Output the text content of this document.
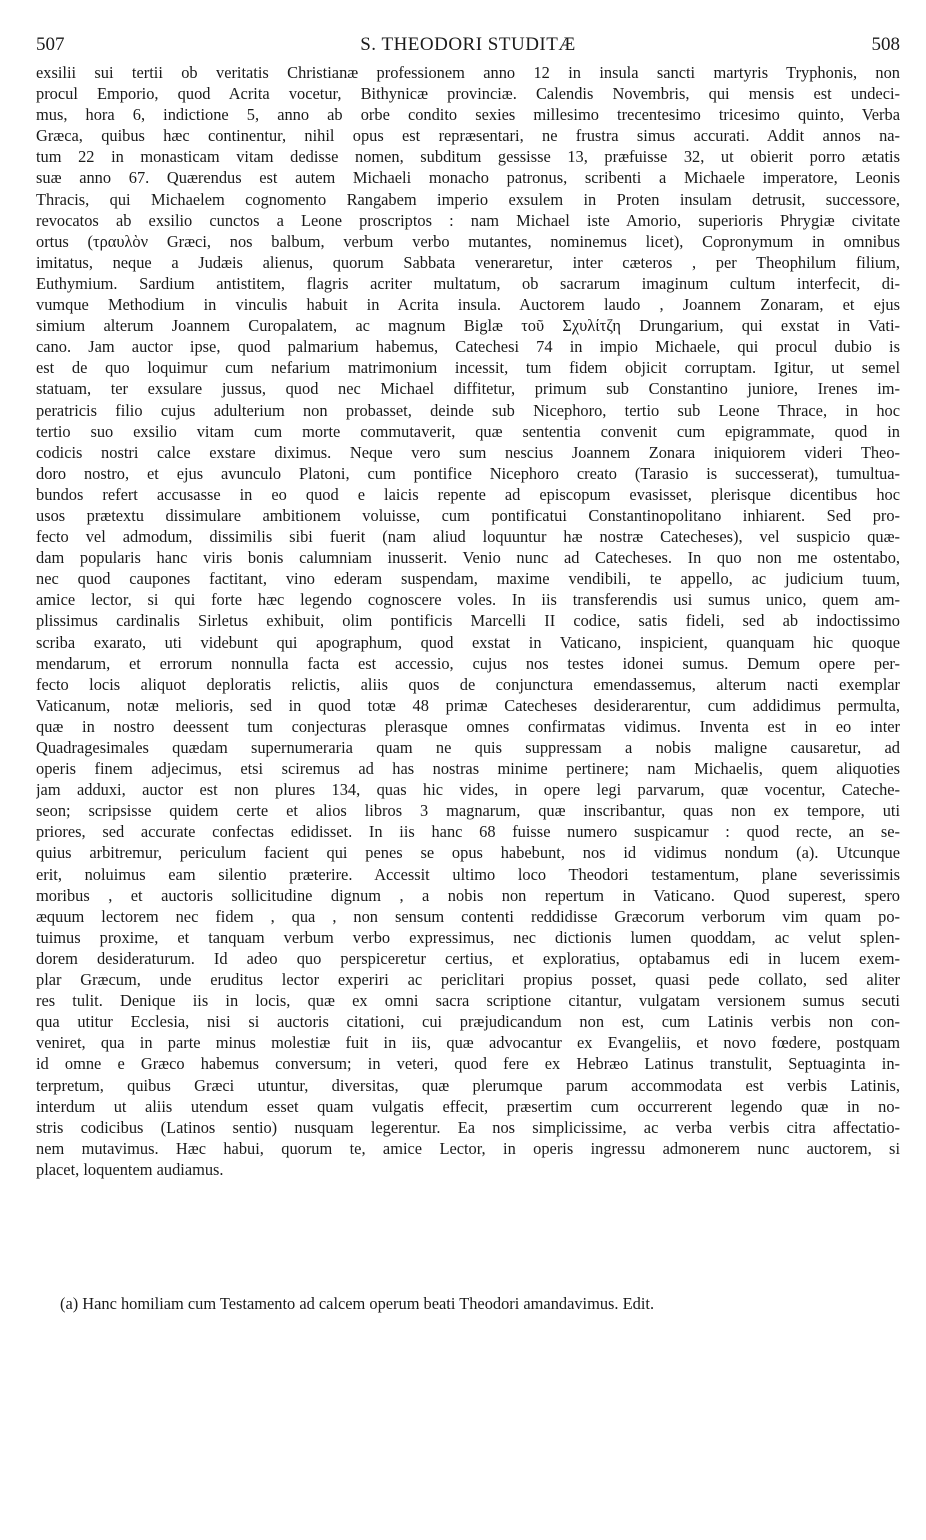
507	S. THEODORI STUDITÆ	508
exsilii sui tertii ob veritatis Christianæ professionem anno 12 in insula sancti martyris Tryphonis, non
procul Emporio, quod Acrita vocetur, Bithynicæ provinciæ. Calendis Novembris, qui mensis est undeci-
mus, hora 6, indictione 5, anno ab orbe condito sexies millesimo trecentesimo tricesimo quinto, Verba
Græca, quibus hæc continentur, nihil opus est repræsentari, ne frustra simus accurati. Addit annos na-
tum 22 in monasticam vitam dedisse nomen, subditum gessisse 13, præfuisse 32, ut obierit porro ætatis
suæ anno 67. Quærendus est autem Michaeli monacho patronus, scribenti a Michaele imperatore, Leonis
Thracis, qui Michaelem cognomento Rangabem imperio exsulem in Proten insulam detrusit, successore,
revocatos ab exsilio cunctos a Leone proscriptos : nam Michael iste Amorio, superioris Phrygiæ civitate
ortus (τραυλὸν Græci, nos balbum, verbum verbo mutantes, nominemus licet), Copronymum in omnibus
imitatus, neque a Judæis alienus, quorum Sabbata veneraretur, inter cæteros , per Theophilum filium,
Euthymium. Sardium antistitem, flagris acriter multatum, ob sacrarum imaginum cultum interfecit, di-
vumque Methodium in vinculis habuit in Acrita insula. Auctorem laudo , Joannem Zonaram, et ejus
simium alterum Joannem Curopalatem, ac magnum Biglæ τοῦ Σχυλίτζη Drungarium, qui exstat in Vati-
cano. Jam auctor ipse, quod palmarium habemus, Catechesi 74 in impio Michaele, qui procul dubio is
est de quo loquimur cum nefarium matrimonium incessit, tum fidem objicit corruptam. Igitur, ut semel
statuam, ter exsulare jussus, quod nec Michael diffitetur, primum sub Constantino juniore, Irenes im-
peratricis filio cujus adulterium non probasset, deinde sub Nicephoro, tertio sub Leone Thrace, in hoc
tertio suo exsilio vitam cum morte commutaverit, quæ sententia convenit cum epigrammate, quod in
codicis nostri calce exstare diximus. Neque vero sum nescius Joannem Zonara iniquiorem videri Theo-
doro nostro, et ejus avunculo Platoni, cum pontifice Nicephoro creato (Tarasio is successerat), tumultua-
bundos refert accusasse in eo quod e laicis repente ad episcopum evasisset, plerisque dicentibus hoc
usos prætextu dissimulare ambitionem voluisse, cum pontificatui Constantinopolitano inhiarent. Sed pro-
fecto vel admodum, dissimilis sibi fuerit (nam aliud loquuntur hæ nostræ Catecheses), vel suspicio quæ-
dam popularis hanc viris bonis calumniam inusserit. Venio nunc ad Catecheses. In quo non me ostentabo,
nec quod caupones factitant, vino ederam suspendam, maxime vendibili, te appello, ac judicium tuum,
amice lector, si qui forte hæc legendo cognoscere voles. In iis transferendis usi sumus unico, quem am-
plissimus cardinalis Sirletus exhibuit, olim pontificis Marcelli II codice, satis fideli, sed ab indoctissimo
scriba exarato, uti videbunt qui apographum, quod exstat in Vaticano, inspicient, quanquam hic quoque
mendarum, et errorum nonnulla facta est accessio, cujus nos testes idonei sumus. Demum opere per-
fecto locis aliquot deploratis relictis, aliis quos de conjunctura emendassemus, alterum nacti exemplar
Vaticanum, notæ melioris, sed in quod totæ 48 primæ Catecheses desiderarentur, cum addidimus permulta,
quæ in nostro deessent tum conjecturas plerasque omnes confirmatas vidimus. Inventa est in eo inter
Quadragesimales quædam supernumeraria quam ne quis suppressam a nobis maligne causaretur, ad
operis finem adjecimus, etsi sciremus ad has nostras minime pertinere; nam Michaelis, quem aliquoties
jam adduxi, auctor est non plures 134, quas hic vides, in opere legi parvarum, quæ vocentur, Cateche-
seon; scripsisse quidem certe et alios libros 3 magnarum, quæ inscribantur, quas non ex tempore, uti
priores, sed accurate confectas edidisset. In iis hanc 68 fuisse numero suspicamur : quod recte, an se-
quius arbitremur, periculum facient qui penes se opus habebunt, nos id vidimus nondum (a). Utcunque
erit, noluimus eam silentio præterire. Accessit ultimo loco Theodori testamentum, plane severissimis
moribus , et auctoris sollicitudine dignum , a nobis non repertum in Vaticano. Quod superest, spero
æquum lectorem nec fidem , qua , non sensum contenti reddidisse Græcorum verborum vim quam po-
tuimus proxime, et tanquam verbum verbo expressimus, nec dictionis lumen quoddam, ac velut splen-
dorem desideraturum. Id adeo quo perspiceretur certius, et exploratius, optabamus edi in lucem exem-
plar Græcum, unde eruditus lector experiri ac periclitari propius posset, quasi pede collato, sed aliter
res tulit. Denique iis in locis, quæ ex omni sacra scriptione citantur, vulgatam versionem sumus secuti
qua utitur Ecclesia, nisi si auctoris citationi, cui præjudicandum non est, cum Latinis verbis non con-
veniret, qua in parte minus molestiæ fuit in iis, quæ advocantur ex Evangeliis, et novo fœdere, postquam
id omne e Græco habemus conversum; in veteri, quod fere ex Hebræo Latinus transtulit, Septuaginta in-
terpretum, quibus Græci utuntur, diversitas, quæ plerumque parum accommodata est verbis Latinis,
interdum ut aliis utendum esset quam vulgatis effecit, præsertim cum occurrerent legendo quæ in no-
stris codicibus (Latinos sentio) nusquam legerentur. Ea nos simplicissime, ac verba verbis citra affectatio-
nem mutavimus. Hæc habui, quorum te, amice Lector, in operis ingressu admonerem nunc auctorem, si
placet, loquentem audiamus.
(a) Hanc homiliam cum Testamento ad calcem operum beati Theodori amandavimus. Edit.
